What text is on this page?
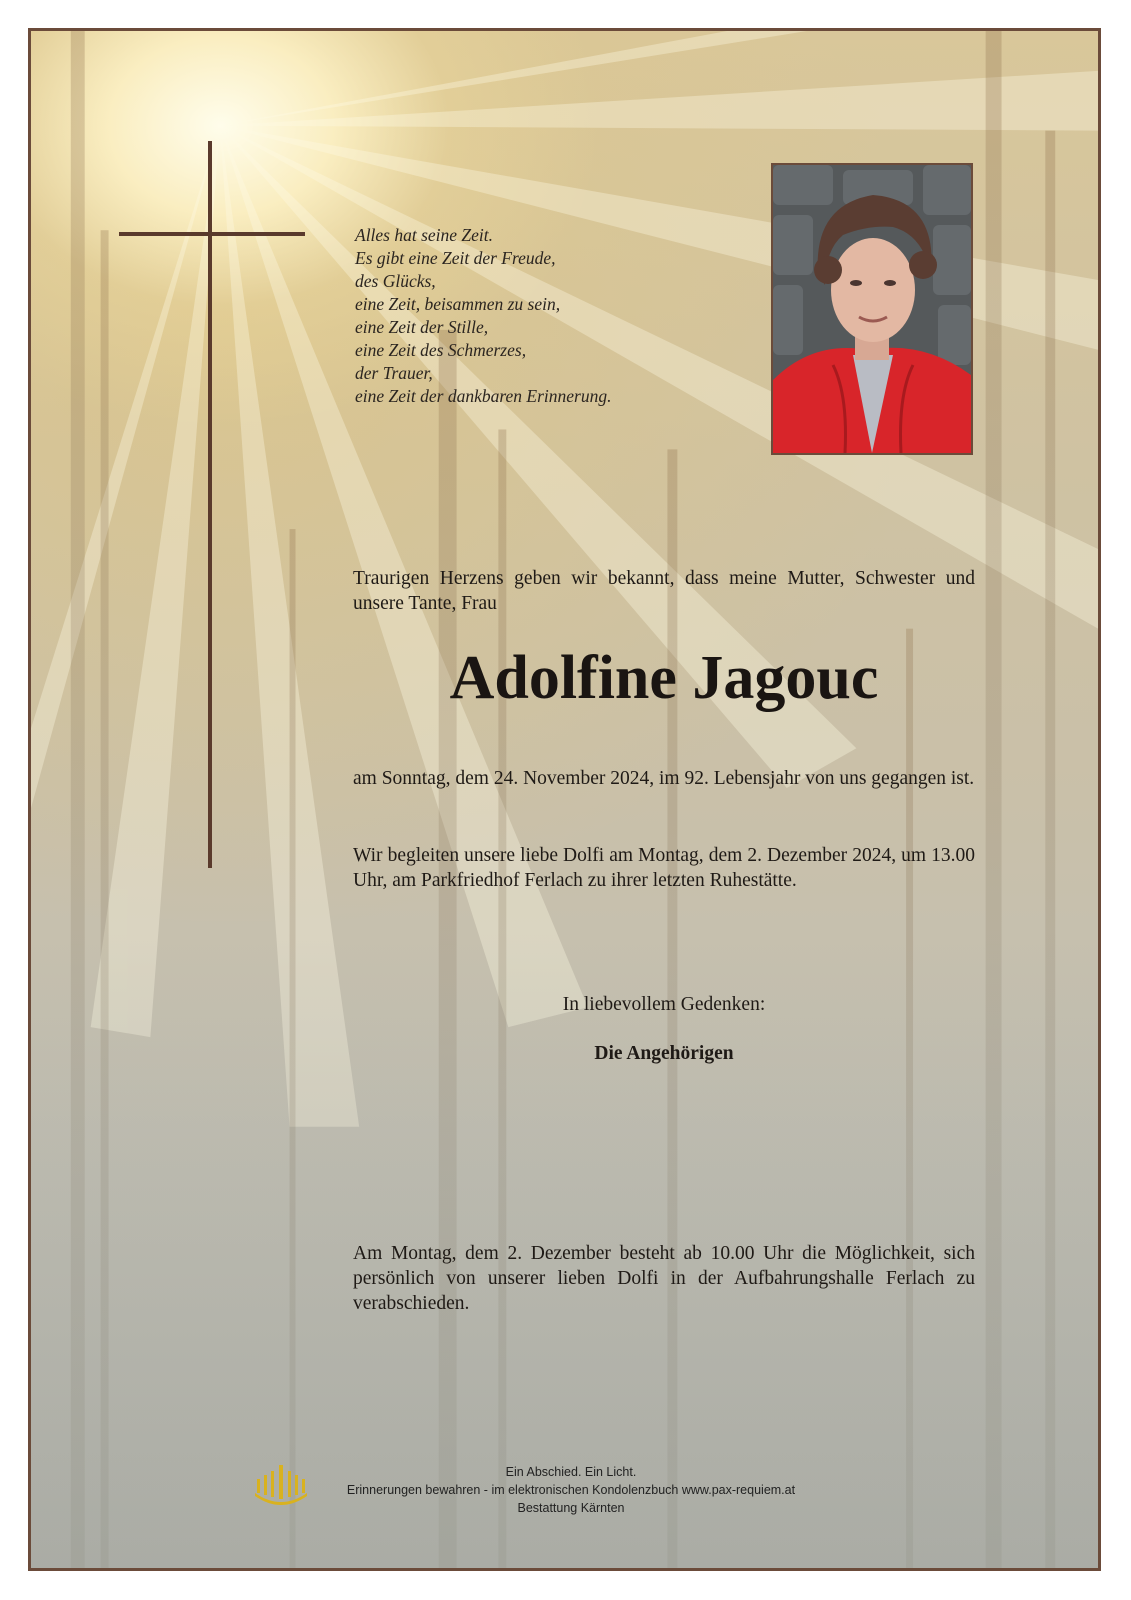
Alles hat seine Zeit.
Es gibt eine Zeit der Freude,
des Glücks,
eine Zeit, beisammen zu sein,
eine Zeit der Stille,
eine Zeit des Schmerzes,
der Trauer,
eine Zeit der dankbaren Erinnerung.
Traurigen Herzens geben wir bekannt, dass meine Mutter, Schwester und unsere Tante, Frau
Adolfine Jagouc
am Sonntag, dem 24. November 2024, im 92. Lebensjahr von uns gegangen ist.
Wir begleiten unsere liebe Dolfi am Montag, dem 2. Dezember 2024, um 13.00 Uhr, am Parkfriedhof Ferlach zu ihrer letzten Ruhestätte.
In liebevollem Gedenken:
Die Angehörigen
Am Montag, dem 2. Dezember besteht ab 10.00 Uhr die Möglichkeit, sich persönlich von unserer lieben Dolfi in der Aufbahrungshalle Ferlach zu verabschieden.
Ein Abschied. Ein Licht.
Erinnerungen bewahren - im elektronischen Kondolenzbuch www.pax-requiem.at
Bestattung Kärnten
